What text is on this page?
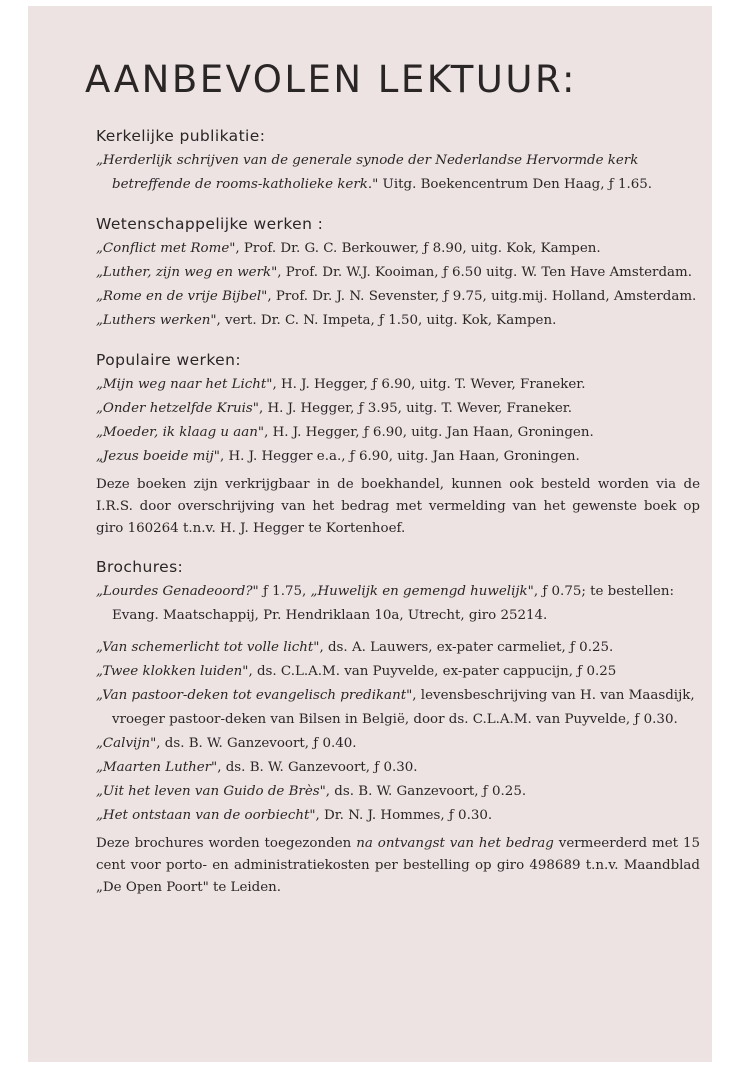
AANBEVOLEN LEKTUUR:
Kerkelijke publikatie:

„Herderlijk schrijven van de generale synode der Nederlandse Hervormde kerk betreffende de rooms-katholieke kerk." Uitg. Boekencentrum Den Haag, ƒ 1.65.

Wetenschappelijke werken :

„Conflict met Rome", Prof. Dr. G. C. Berkouwer, ƒ 8.90, uitg. Kok, Kampen.

„Luther, zijn weg en werk", Prof. Dr. W.J. Kooiman, ƒ 6.50 uitg. W. Ten Have Amsterdam.

„Rome en de vrije Bijbel", Prof. Dr. J. N. Sevenster, ƒ 9.75, uitg.mij. Holland, Amsterdam.

„Luthers werken", vert. Dr. C. N. Impeta, ƒ 1.50, uitg. Kok, Kampen.

Populaire werken:

„Mijn weg naar het Licht", H. J. Hegger, ƒ 6.90, uitg. T. Wever, Franeker.

„Onder hetzelfde Kruis", H. J. Hegger, ƒ 3.95, uitg. T. Wever, Franeker.

„Moeder, ik klaag u aan", H. J. Hegger, ƒ 6.90, uitg. Jan Haan, Groningen.

„Jezus boeide mij", H. J. Hegger e.a., ƒ 6.90, uitg. Jan Haan, Groningen.

Deze boeken zijn verkrijgbaar in de boekhandel, kunnen ook besteld worden via de I.R.S. door overschrijving van het bedrag met vermelding van het gewenste boek op giro 160264 t.n.v. H. J. Hegger te Kortenhoef.

Brochures:

„Lourdes Genadeoord?" ƒ 1.75, „Huwelijk en gemengd huwelijk", ƒ 0.75; te bestellen: Evang. Maatschappij, Pr. Hendriklaan 10a, Utrecht, giro 25214.

„Van schemerlicht tot volle licht", ds. A. Lauwers, ex-pater carmeliet, ƒ 0.25.

„Twee klokken luiden", ds. C.L.A.M. van Puyvelde, ex-pater cappucijn, ƒ 0.25

„Van pastoor-deken tot evangelisch predikant", levensbeschrijving van H. van Maasdijk, vroeger pastoor-deken van Bilsen in België, door ds. C.L.A.M. van Puyvelde, ƒ 0.30.

„Calvijn", ds. B. W. Ganzevoort, ƒ 0.40.

„Maarten Luther", ds. B. W. Ganzevoort, ƒ 0.30.

„Uit het leven van Guido de Brès", ds. B. W. Ganzevoort, ƒ 0.25.

„Het ontstaan van de oorbiecht", Dr. N. J. Hommes, ƒ 0.30.

Deze brochures worden toegezonden na ontvangst van het bedrag vermeerderd met 15 cent voor porto- en administratiekosten per bestelling op giro 498689 t.n.v. Maandblad „De Open Poort" te Leiden.
